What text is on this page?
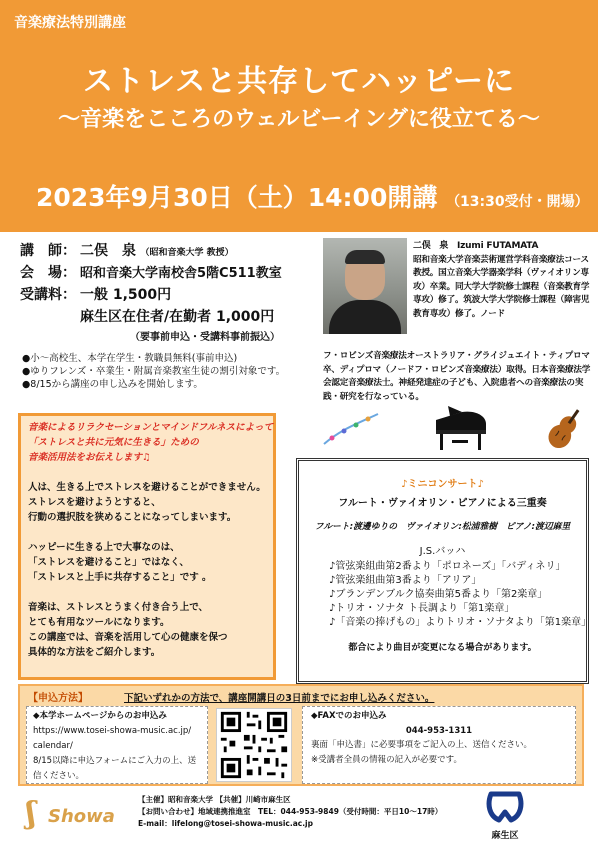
音楽療法特別講座
ストレスと共存してハッピーに
～音楽をこころのウェルビーイングに役立てる～
2023年9月30日（土）14:00開講 （13:30受付・開場）
講　師： 二俣　泉 （昭和音楽大学 教授）
会　場： 昭和音楽大学南校舎5階C511教室
受講料： 一般 1,500円
麻生区在住者/在勤者 1,000円
（要事前申込・受講料事前振込）
●小～高校生、本学在学生・教職員無料(事前申込)
●ゆりフレンズ・卒業生・附属音楽教室生徒の割引対象です。
●8/15から講座の申し込みを開始します。
二俣　泉　Izumi FUTAMATA
昭和音楽大学音楽芸術運営学科音楽療法コース教授。国立音楽大学器楽学科（ヴァイオリン専攻）卒業。同大学大学院修士課程（音楽教育学専攻）修了。筑波大学大学院修士課程（障害児教育専攻）修了。ノード
フ・ロビンズ音楽療法オーストラリア・グライジュエイト・ティプロマ卒、ディプロマ（ノードフ・ロビンズ音楽療法）取得。日本音楽療法学会認定音楽療法士。神経発達症の子ども、入院患者への音楽療法の実践・研究を行なっている。

音楽によるリラクセーションとマインドフルネスによって
「ストレスと共に元気に生きる」ための
音楽活用法をお伝えします♫

人は、生きる上でストレスを避けることができません。
ストレスを避けようとすると、
行動の選択肢を狭めることになってしまいます。

ハッピーに生きる上で大事なのは、
「ストレスを避けること」ではなく、
「ストレスと上手に共存すること」です 。

音楽は、ストレスとうまく付き合う上で、
とても有用なツールになります。
この講座では、音楽を活用して心の健康を保つ
具体的な方法をご紹介します。

♪ミニコンサート♪
フルート・ヴァイオリン・ピアノによる三重奏
フルート:渡邊ゆりの　ヴァイオリン:松浦雅樹　ピアノ:渡辺麻里
J.S.バッハ
♪管弦楽組曲第2番より「ポロネーズ」「バディネリ」
♪管弦楽組曲第3番より「アリア」
♪ブランデンブルク協奏曲第5番より「第2楽章」
♪トリオ・ソナタ ト長調より「第1楽章」
♪「音楽の捧げもの」よりトリオ・ソナタより「第1楽章」
都合により曲目が変更になる場合があります。
【申込方法】	下記いずれかの方法で、講座開講日の3日前までにお申し込みください。
◆本学ホームページからのお申込み
https://www.tosei-showa-music.ac.jp/
calendar/
8/15以降に申込フォームにご入力の上、送信ください。
◆FAXでのお申込み
044-953-1311
裏面「申込書」に必要事項をご記入の上、送信ください。
※受講者全員の情報の記入が必要です。
ʃ Showa
【主催】昭和音楽大学 【共催】川崎市麻生区
【お問い合わせ】地域連携推進室　TEL：044-953-9849（受付時間：平日10～17時）
E-mail：lifelong@tosei-showa-music.ac.jp
麻生区
